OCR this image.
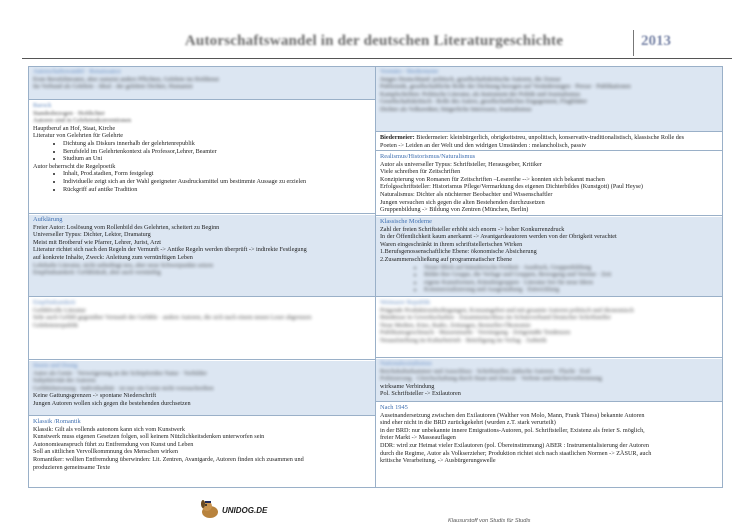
Autorschaftswandel in der deutschen Literaturgeschichte	2013
Autorschaftswandel · Renaissance
Erste Berufsliteraten, aber zumeist andere Pflichten, Gelehrte im Hofdienst
Im Verbund als Gelehrte - Ideal - der gelehrte Dichter, Humanist
Barock
Standesbezogen · Hofdichter
Autoren sind in Gelehrtenkonventionen
Hauptberuf an Hof, Staat, Kirche
Literatur von Gelehrten für Gelehrte
• Dichtung als Diskurs innerhalb der gelehrtenrepublik
• Berufsfeld im Gelehrtenkontext als Professor,Lehrer, Beamter
• Studium an Uni
Autor beherrscht die Regelpoetik
• Inhalt, Prod.stadien, Form festgelegt
• Individuelle zeigt sich an der Wahl geeigneter Ausdrucksmittel um bestimmte Aussage zu erzielen
• Rückgriff auf antike Tradition
Aufklärung
Freier Autor: Loslösung vom Rollenbild des Gelehrten, scheitert zu Beginn
Universeller Typus: Dichter, Lektor, Dramaturg
Meist mit Brotberuf wie Pfarrer, Lehrer, Jurist, Arzt
Literatur richtet sich nach den Regeln der Vernunft -> Antike Regeln werden überprüft -> indirekte Festlegung
auf konkrete Inhalte, Zweck: Anleitung zum vernünftigen Leben
Lehrhafte Literatur, nicht unbedingt neu, aber neue Schwerpunkte setzen
Empfindsamkeit: Gefühlskult, aber auch vernünftig
Empfindsamkeit
Gefühlvolle Literatur
Sehr auch Gefühl gegenüber Vernunft der Gefühle · andere Autoren, die sich nach einem neuen Leser abgrenzen
Gelehrtenrepublik
Sturm und Drang
Autor als Genie · Verweigerung an der Schöpferidee Natur · Vorbilder
Subjektivität der Autoren
Gefühlsbetonung · Individualität · ist nur ein Genie nicht vorzuschreiben
Keine Gattungsgrenzen -> spontane Niederschrift
Jungen Autoren wollen sich gegen die bestehenden durchsetzen
Klassik /Romantik
Klassik: Gilt als vollends autonom kann sich vom Kunstwerk
Kunstwerk muss eigenen Gesetzen folgen, soll keinem Nützlichkeitsdenken unterworfen sein
Autonomieanspruch führt zu Entfremdung von Kunst und Leben
Soll an sittlichen Vervollkommnung des Menschen wirken
Romantiker: wollten Entfremdung überwinden: Lit. Zentren, Avantgarde, Autoren finden sich zusammen und
produzieren gemeinsame Texte
Vormärz / Biedermeier
Junges Deutschland: politisch, gesellschaftskritische Autoren, die Zensur
Publizistik, gesellschaftliche Rolle der Dichtung bezogen auf Veränderungen · Presse · Publikationen
Kampfschriften: Politische Literatur, als Instrument der Politik und Journalismus
Gesellschaftskritisch : Rolle des Autors, gesellschaftliches Engagement, Flugblätter
Dichter als Volksredner, bürgerliche Interessen, Journalismus
Biedermeier: Biedermeier: kleinbürgerlich, obrigkeitstreu, unpolitisch, konservativ-traditionalistisch, klassische Rolle des
Poeten -> Leiden an der Welt und den widrigen Umständen : melancholisch, passiv
Realismus/Historismus/Naturalismus
Autor als universeller Typus: Schriftsteller, Herausgeber, Kritiker
Viele schreiben für Zeitschriften
Konzipierung von Romanen für Zeitschriften –Lesereihe --> konnten sich bekannt machen
Erfolgsschriftsteller: Historismus Pflege/Vermarktung des eigenen Dichterbildes (Kunstgott) (Paul Heyse)
Naturalismus: Dichter als nüchterner Beobachter und Wissenschaftler
Jungen versuchen sich gegen die alten Bestehenden durchzusetzen
Gruppenbildung -> Bildung von Zentren (München, Berlin)
Klassische Moderne
Zahl der freien Schriftsteller erhöht sich enorm -> hoher Konkurrenzdruck
In der Öffentlichkeit kaum anerkannt -> Avantgardeautoren werden von der Obrigkeit verachtet
Waren eingeschränkt in ihrem schriftstellerischen Wirken
1.Berufsgenossenschaftliche Ebene: ökonomische Absicherung
2.Zusammenschließung auf programmatischer Ebene
• Neuer Blick auf künstlerische Freiheit · Ausdruck, Gruppenbildung
• Bildet ihre Gruppe, die Verlage und Gruppen, Bewegung und Vereine · Zeit
• eigene Kunstformen, Künstlergruppen · Literatur frei für neue Ideen
• Kommerzialisierung und Ausgestaltung · Entwicklung
Weimarer Republik
Prägende Produktionsbedingungen, Konsumgebot und mit gesamte Autoren politisch und ökonomisch
Bündnisse in Gewerkschaften · Zusammenschluss im Schutzverband Deutscher Schriftsteller
Neue Medien, Kino, Radio, Zeitungen, Bestseller-Ökonomie
Publikumsgeschmack · Massenmarkt · Vereinigung · Zeitgemäße Tendenzen
Neuaufstellung im Kulturbetrieb · Beteiligung im Verlag · Ästhetik
Nationalsozialismus
Reichskulturkammer und Ausschluss · Schriftsteller, jüdische Autoren · Flucht · Exil
Politisierung · Gleichschaltung durch Staat und Zensur · Verbote und Bücherverbrennung
wirksame Verbindung
Pol. Schriftsteller -> Exilautoren
Nach 1945
Auseinandersetzung zwischen den Exilautoren (Walther von Molo, Mann, Frank Thiess) bekannte Autoren
sind eher nicht in die BRD zurückgekehrt (wurden z.T. stark verurteilt)
in der BRD: nur unbekannte innere Emigrations-Autoren, pol. Schriftsteller, Existenz als freier S. möglich,
freier Markt -> Masseauflagen
DDR: wird zur Heimat vieler Exilautoren (pol. Übereinstimmung) ABER : Instrumentalisierung der Autoren
durch die Regime, Autor als Volkserzieher; Produktion richtet sich nach staatlichen Normen -> ZÄSUR, auch
kritische Verarbeitung, -> Ausbürgerungswelle
UNIDOG.DE
Klausurstoff von Studis für Studis
